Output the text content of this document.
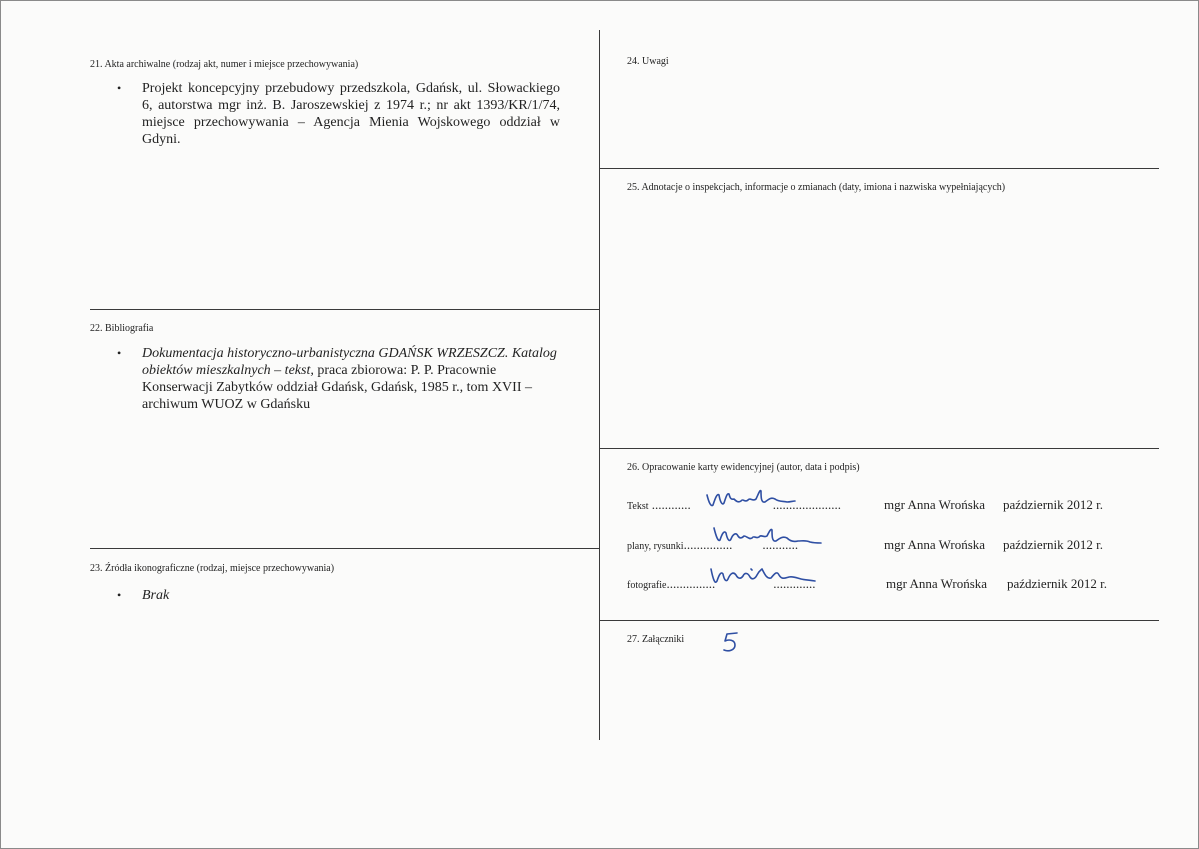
21. Akta archiwalne (rodzaj akt, numer i miejsce przechowywania)
• Projekt koncepcyjny przebudowy przedszkola, Gdańsk, ul. Słowackiego 6, autorstwa mgr inż. B. Jaroszewskiej z 1974 r.; nr akt 1393/KR/1/74, miejsce przechowywania – Agencja Mienia Wojskowego oddział w Gdyni.
22. Bibliografia
• Dokumentacja historyczno-urbanistyczna GDAŃSK WRZESZCZ. Katalog obiektów mieszkalnych – tekst, praca zbiorowa: P. P. Pracownie Konserwacji Zabytków oddział Gdańsk, Gdańsk, 1985 r., tom XVII – archiwum WUOZ w Gdańsku
23. Źródła ikonograficzne (rodzaj, miejsce przechowywania)
• Brak
24. Uwagi
25. Adnotacje o inspekcjach, informacje o zmianach (daty, imiona i nazwiska wypełniających)
26. Opracowanie karty ewidencyjnej (autor, data i podpis)
Tekst ............	.....................	mgr Anna Wrońska październik 2012 r.
plany, rysunki............... ...........	mgr Anna Wrońska październik 2012 r.
fotografie...............	.............	mgr Anna Wrońska październik 2012 r.
27. Załączniki
